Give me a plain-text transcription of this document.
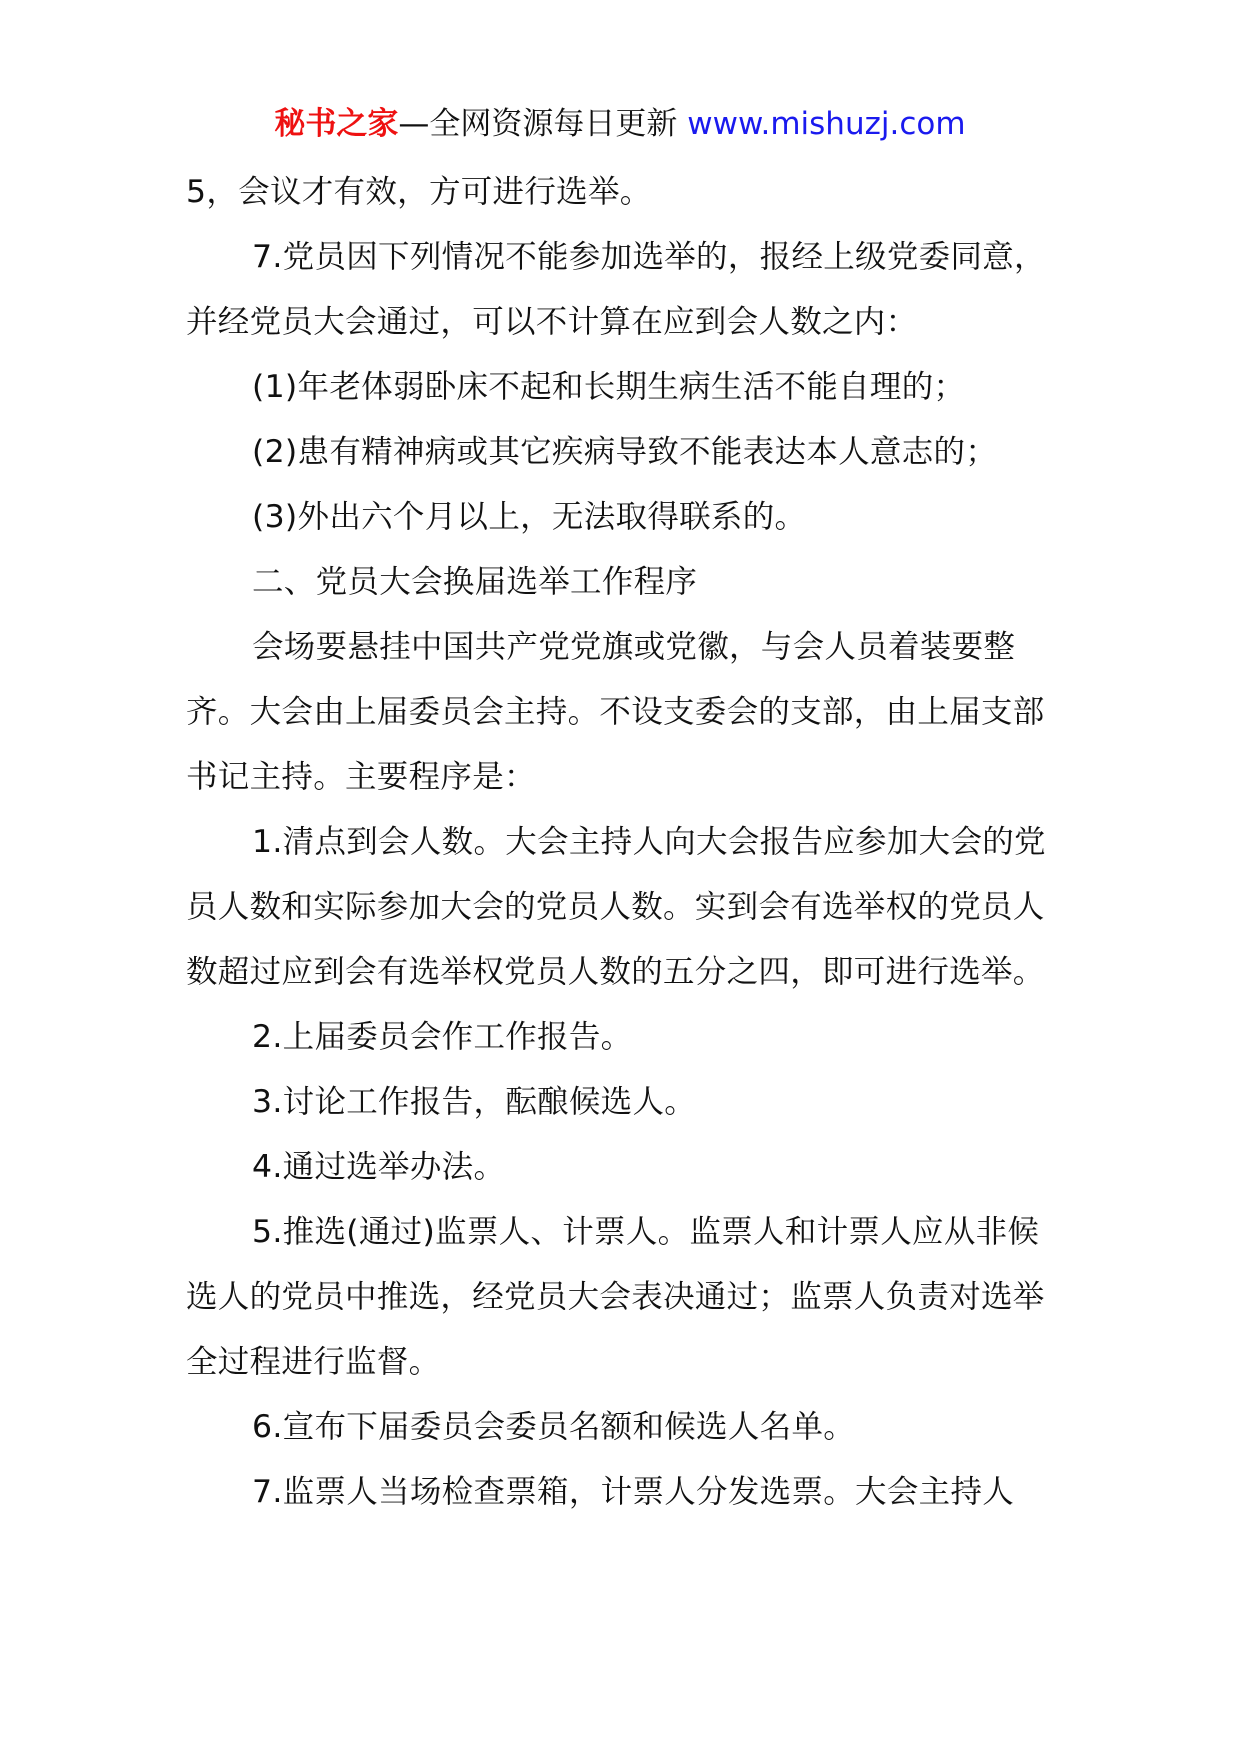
秘书之家—全网资源每日更新 www.mishuzj.com

5，会议才有效，方可进行选举。

7.党员因下列情况不能参加选举的，报经上级党委同意，并经党员大会通过，可以不计算在应到会人数之内：

(1)年老体弱卧床不起和长期生病生活不能自理的；

(2)患有精神病或其它疾病导致不能表达本人意志的；

(3)外出六个月以上，无法取得联系的。

二、党员大会换届选举工作程序

会场要悬挂中国共产党党旗或党徽，与会人员着装要整齐。大会由上届委员会主持。不设支委会的支部，由上届支部书记主持。主要程序是：

1.清点到会人数。大会主持人向大会报告应参加大会的党员人数和实际参加大会的党员人数。实到会有选举权的党员人数超过应到会有选举权党员人数的五分之四，即可进行选举。

2.上届委员会作工作报告。

3.讨论工作报告，酝酿候选人。

4.通过选举办法。

5.推选(通过)监票人、计票人。监票人和计票人应从非候选人的党员中推选，经党员大会表决通过；监票人负责对选举全过程进行监督。

6.宣布下届委员会委员名额和候选人名单。

7.监票人当场检查票箱，计票人分发选票。大会主持人
